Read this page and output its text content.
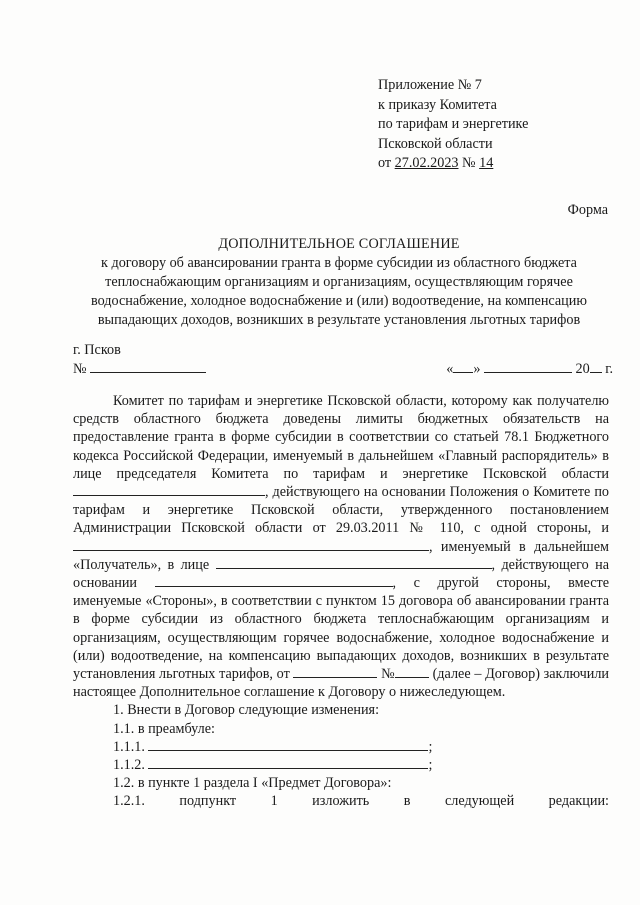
Приложение № 7
к приказу Комитета
по тарифам и энергетике
Псковской области
от 27.02.2023 № 14
Форма
ДОПОЛНИТЕЛЬНОЕ СОГЛАШЕНИЕ
к договору об авансировании гранта в форме субсидии из областного бюджета теплоснабжающим организациям и организациям, осуществляющим горячее водоснабжение, холодное водоснабжение и (или) водоотведение, на компенсацию выпадающих доходов, возникших в результате установления льготных тарифов
г. Псков
№	« »	20 г.

Комитет по тарифам и энергетике Псковской области, которому как получателю средств областного бюджета доведены лимиты бюджетных обязательств на предоставление гранта в форме субсидии в соответствии со статьей 78.1 Бюджетного кодекса Российской Федерации, именуемый в дальнейшем «Главный распорядитель» в лице председателя Комитета по тарифам и энергетике Псковской области , действующего на основании Положения о Комитете по тарифам и энергетике Псковской области, утвержденного постановлением Администрации Псковской области от 29.03.2011 № 110, с одной стороны, и , именуемый в дальнейшем «Получатель», в лице	, действующего на основании	, с другой стороны, вместе именуемые «Стороны», в соответствии с пунктом 15 договора об авансировании гранта в форме субсидии из областного бюджета теплоснабжающим организациям и организациям, осуществляющим горячее водоснабжение, холодное водоснабжение и (или) водоотведение, на компенсацию выпадающих доходов, возникших в результате установления льготных тарифов, от	№ (далее – Договор) заключили настоящее Дополнительное соглашение к Договору о нижеследующем.

1. Внести в Договор следующие изменения:

1.1. в преамбуле:

1.1.1.	;

1.1.2.	;

1.2. в пункте 1 раздела I «Предмет Договора»:

1.2.1. подпункт 1 изложить в следующей редакции:
